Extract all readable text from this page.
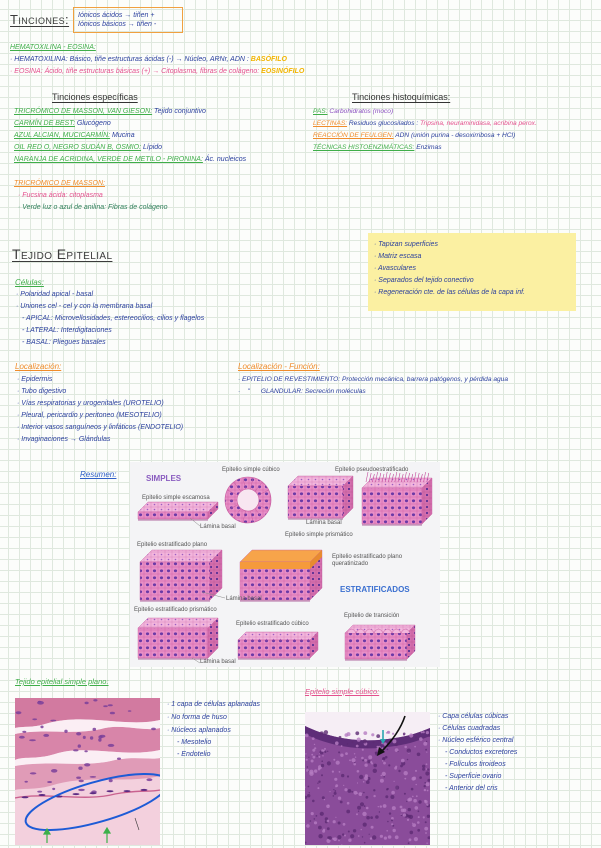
Tinciones: Iónicos ácidos → tiñen +
Iónicos básicos → tiñen -
HEMATOXILINA - EOSINA:
· HEMATOXILINA: Básico, tiñe estructuras ácidas (-) → Núcleo, ARNr, ADN : BASÓFILO
· EOSINA: Ácido, tiñe estructuras básicas (+) → Citoplasma, fibras de colágeno: EOSINÓFILO
Tinciones específicas	Tinciones histoquímicas:
TRICRÓMICO DE MASSON, VAN GIESON: Tejido conjuntivo
CARMÍN DE BEST: Glucógeno
AZUL ALCIAN, MUCICARMÍN: Mucina
OIL RED O, NEGRO SUDÁN B, OSMIO: Lípido
NARANJA DE ACRIDINA, VERDE DE METILO - PIRONINA: Ác. nucleicos
PAS: Carbohidratos (moco)
LECTINAS: Residuos glucosilados : Tripsina, neuraminidasa, acribina perox.
REACCIÓN DE FEULGEN: ADN (unión purina - desoxirribosa + HCl)
TÉCNICAS HISTOENZIMÁTICAS: Enzimas
TRICRÓMICO DE MASSON:
· Fucsina ácida: citoplasma
· Verde luz o azul de anilina: Fibras de colágeno
Tejido Epitelial
· Tapizan superficies
· Matriz escasa
· Avasculares
· Separados del tejido conectivo
· Regeneración cte. de las células de la capa inf.
Células:
· Polaridad apical - basal
· Uniones cel - cel y con la membrana basal
- APICAL: Microvellosidades, estereocilios, cilios y flagelos
- LATERAL: Interdigitaciones
- BASAL: Pliegues basales
Localización:
· Epidermis
· Tubo digestivo
· Vías respiratorias y urogenitales (UROTELIO)
· Pleural, pericardio y peritoneo (MESOTELIO)
· Interior vasos sanguíneos y linfáticos (ENDOTELIO)
· Invaginaciones → Glándulas
Localización - Función:
· EPITELIO DE REVESTIMIENTO: Protección mecánica, barrera patógenos, y pérdida agua
·    "      GLANDULAR: Secreción moléculas
Resumen:	SIMPLES
Epitelio simple cúbico	Epitelio pseudoestratificado
Epitelio simple escamosa
Lámina basal
Lámina basal
Epitelio simple prismático
Epitelio estratificado plano
Epitelio estratificado plano queratinizado
ESTRATIFICADOS
Lámina basal
Epitelio estratificado prismático
Epitelio de transición
Epitelio estratificado cúbico
Lámina basal
Tejido epitelial simple plano:
· 1 capa de células aplanadas
· No forma de huso
· Núcleos aplanados
- Mesotelio
- Endotelio
Epitelio simple cúbico:
· Capa células cúbicas
· Células cuadradas
· Núcleo esférico central
- Conductos excretores
- Folículos tiroideos
- Superficie ovario
- Anterior del cris
